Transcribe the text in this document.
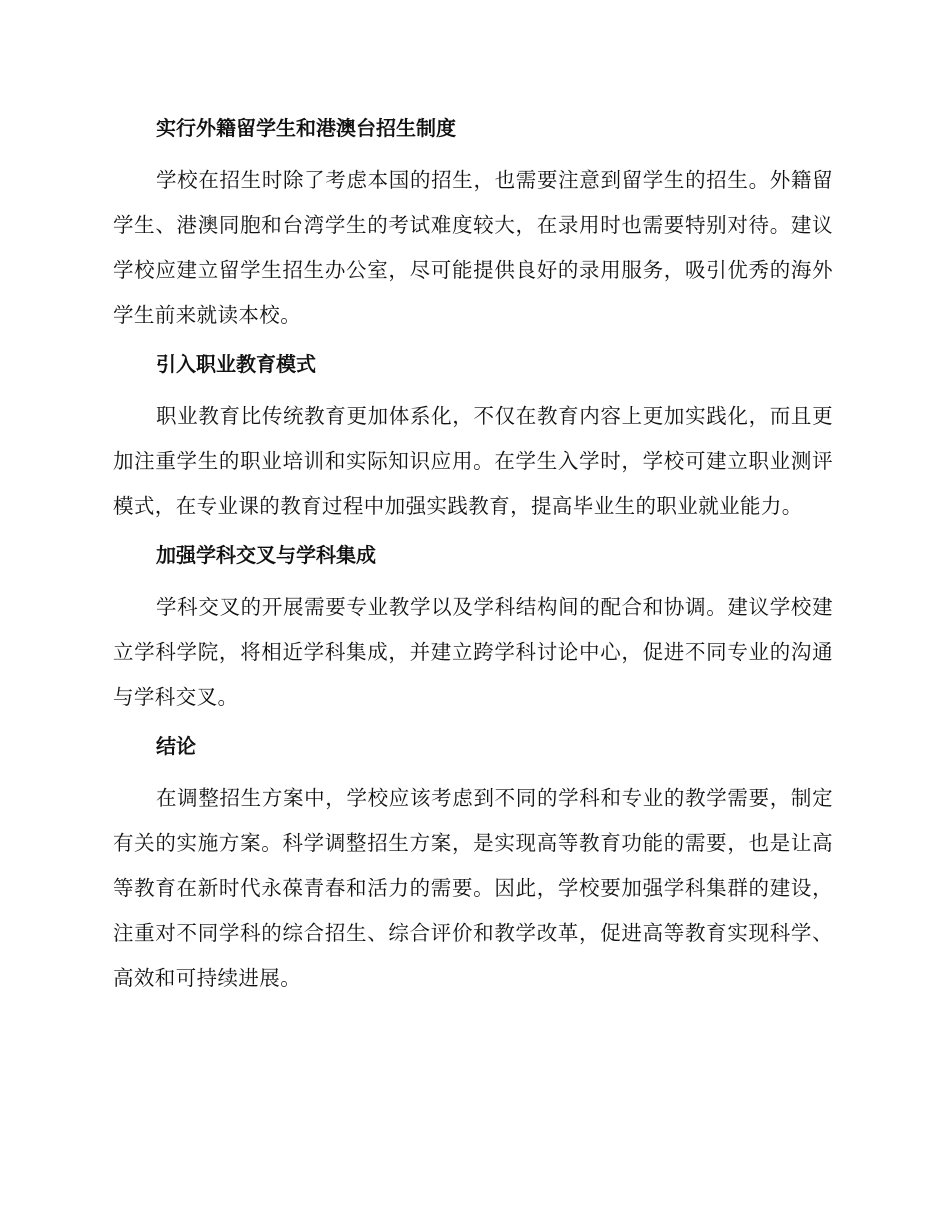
实行外籍留学生和港澳台招生制度

学校在招生时除了考虑本国的招生，也需要注意到留学生的招生。外籍留学生、港澳同胞和台湾学生的考试难度较大，在录用时也需要特别对待。建议学校应建立留学生招生办公室，尽可能提供良好的录用服务，吸引优秀的海外学生前来就读本校。

引入职业教育模式

职业教育比传统教育更加体系化，不仅在教育内容上更加实践化，而且更加注重学生的职业培训和实际知识应用。在学生入学时，学校可建立职业测评模式，在专业课的教育过程中加强实践教育，提高毕业生的职业就业能力。

加强学科交叉与学科集成

学科交叉的开展需要专业教学以及学科结构间的配合和协调。建议学校建立学科学院，将相近学科集成，并建立跨学科讨论中心，促进不同专业的沟通与学科交叉。

结论

在调整招生方案中，学校应该考虑到不同的学科和专业的教学需要，制定有关的实施方案。科学调整招生方案，是实现高等教育功能的需要，也是让高等教育在新时代永葆青春和活力的需要。因此，学校要加强学科集群的建设，注重对不同学科的综合招生、综合评价和教学改革，促进高等教育实现科学、高效和可持续进展。
